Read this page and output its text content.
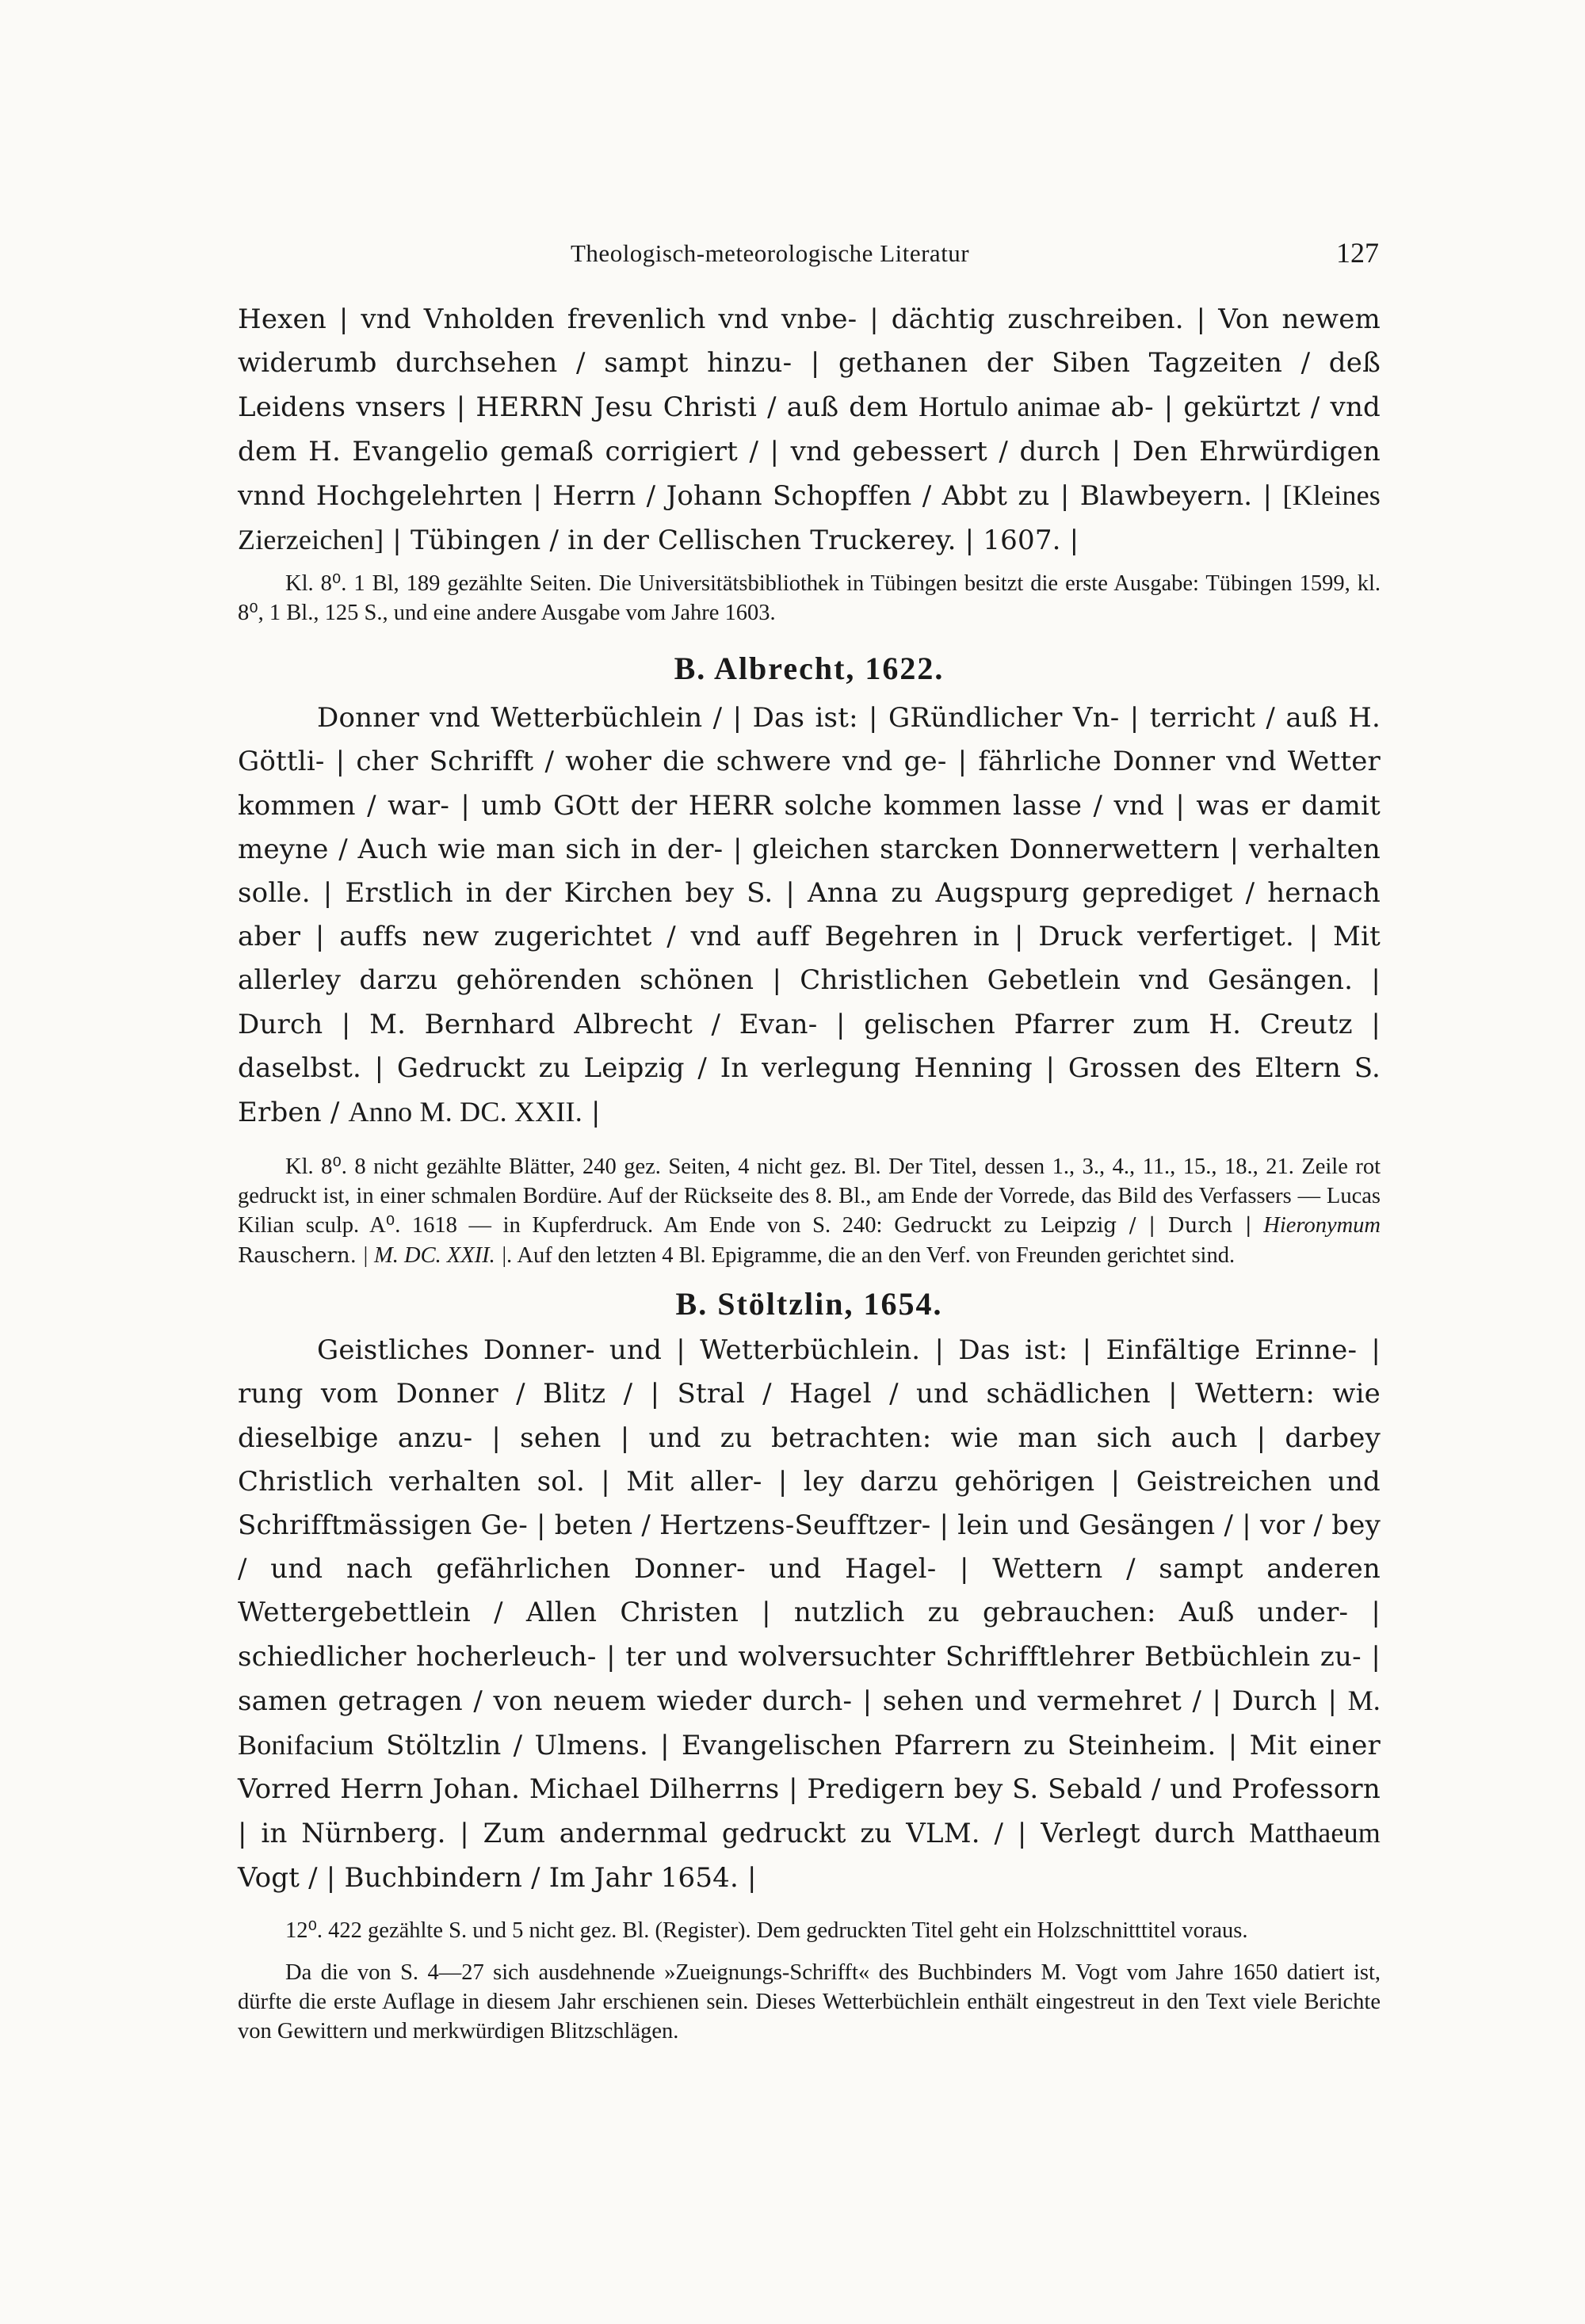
Theologisch-meteorologische Literatur	127

Hexen | vnd Vnholden frevenlich vnd vnbe- | dächtig zuschreiben. | Von newem widerumb durchsehen / sampt hinzu- | gethanen der Siben Tagzeiten / deß Leidens vnsers | HERRN Jesu Christi / auß dem Hortulo animae ab- | gekürtzt / vnd dem H. Evangelio gemaß corrigiert / | vnd gebessert / durch | Den Ehrwürdigen vnnd Hochgelehrten | Herrn / Johann Schopffen / Abbt zu | Blawbeyern. | [Kleines Zierzeichen] | Tübingen / in der Cellischen Truckerey. | 1607. |

Kl. 8⁰. 1 Bl, 189 gezählte Seiten. Die Universitätsbibliothek in Tübingen besitzt die erste Ausgabe: Tübingen 1599, kl. 8⁰, 1 Bl., 125 S., und eine andere Ausgabe vom Jahre 1603.

B. Albrecht, 1622.

Donner vnd Wetterbüchlein / | Das ist: | GRündlicher Vn- | terricht / auß H. Göttli- | cher Schrifft / woher die schwere vnd ge- | fährliche Donner vnd Wetter kommen / war- | umb GOtt der HERR solche kommen lasse / vnd | was er damit meyne / Auch wie man sich in der- | gleichen starcken Donnerwettern | verhalten solle. | Erstlich in der Kirchen bey S. | Anna zu Augspurg geprediget / hernach aber | auffs new zugerichtet / vnd auff Begehren in | Druck verfertiget. | Mit allerley darzu gehörenden schönen | Christlichen Gebetlein vnd Gesängen. | Durch | M. Bernhard Albrecht / Evan- | gelischen Pfarrer zum H. Creutz | daselbst. | Gedruckt zu Leipzig / In verlegung Henning | Grossen des Eltern S. Erben / Anno M. DC. XXII. |

Kl. 8⁰. 8 nicht gezählte Blätter, 240 gez. Seiten, 4 nicht gez. Bl. Der Titel, dessen 1., 3., 4., 11., 15., 18., 21. Zeile rot gedruckt ist, in einer schmalen Bordüre. Auf der Rückseite des 8. Bl., am Ende der Vorrede, das Bild des Verfassers — Lucas Kilian sculp. A⁰. 1618 — in Kupferdruck. Am Ende von S. 240: Gedruckt zu Leipzig / | Durch | Hieronymum Rauschern. | M. DC. XXII. |. Auf den letzten 4 Bl. Epigramme, die an den Verf. von Freunden gerichtet sind.

B. Stöltzlin, 1654.

Geistliches Donner- und | Wetterbüchlein. | Das ist: | Einfältige Erinne- | rung vom Donner / Blitz / | Stral / Hagel / und schädlichen | Wettern: wie dieselbige anzu- | sehen | und zu betrachten: wie man sich auch | darbey Christlich verhalten sol. | Mit aller- | ley darzu gehörigen | Geistreichen und Schrifftmässigen Ge- | beten / Hertzens-Seufftzer- | lein und Gesängen / | vor / bey / und nach gefährlichen Donner- und Hagel- | Wettern / sampt anderen Wettergebettlein / Allen Christen | nutzlich zu gebrauchen: Auß under- | schiedlicher hocherleuch- | ter und wolversuchter Schrifftlehrer Betbüchlein zu- | samen getragen / von neuem wieder durch- | sehen und vermehret / | Durch | M. Bonifacium Stöltzlin / Ulmens. | Evangelischen Pfarrern zu Steinheim. | Mit einer Vorred Herrn Johan. Michael Dilherrns | Predigern bey S. Sebald / und Professorn | in Nürnberg. | Zum andernmal gedruckt zu VLM. / | Verlegt durch Matthaeum Vogt / | Buchbindern / Im Jahr 1654. |

12⁰. 422 gezählte S. und 5 nicht gez. Bl. (Register). Dem gedruckten Titel geht ein Holzschnitttitel voraus.

Da die von S. 4—27 sich ausdehnende »Zueignungs-Schrifft« des Buchbinders M. Vogt vom Jahre 1650 datiert ist, dürfte die erste Auflage in diesem Jahr erschienen sein. Dieses Wetterbüchlein enthält eingestreut in den Text viele Berichte von Gewittern und merkwürdigen Blitzschlägen.
